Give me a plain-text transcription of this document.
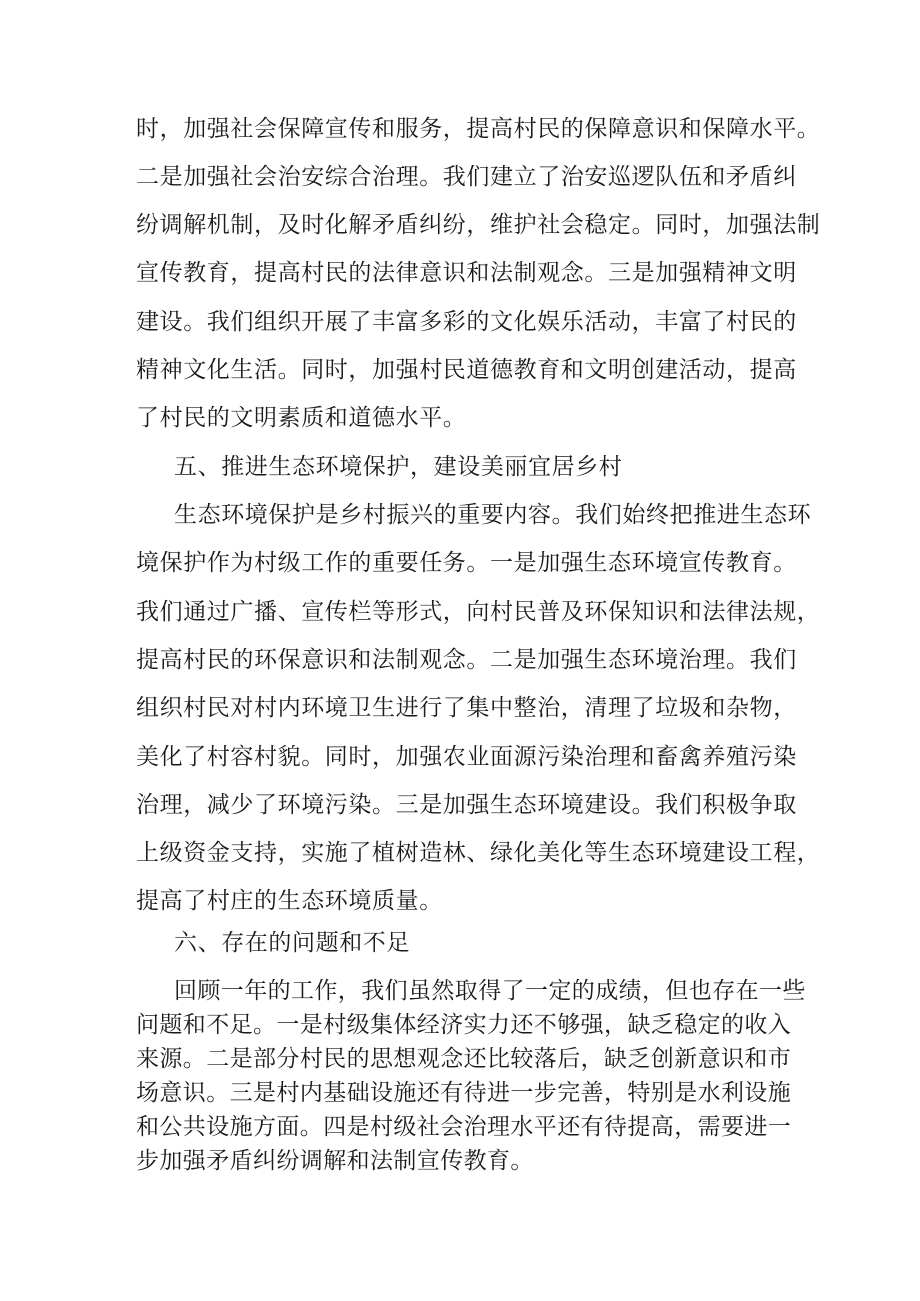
时，加强社会保障宣传和服务，提高村民的保障意识和保障水平。
二是加强社会治安综合治理。我们建立了治安巡逻队伍和矛盾纠
纷调解机制，及时化解矛盾纠纷，维护社会稳定。同时，加强法制
宣传教育，提高村民的法律意识和法制观念。三是加强精神文明
建设。我们组织开展了丰富多彩的文化娱乐活动，丰富了村民的
精神文化生活。同时，加强村民道德教育和文明创建活动，提高
了村民的文明素质和道德水平。
五、推进生态环境保护，建设美丽宜居乡村
生态环境保护是乡村振兴的重要内容。我们始终把推进生态环
境保护作为村级工作的重要任务。一是加强生态环境宣传教育。
我们通过广播、宣传栏等形式，向村民普及环保知识和法律法规，
提高村民的环保意识和法制观念。二是加强生态环境治理。我们
组织村民对村内环境卫生进行了集中整治，清理了垃圾和杂物，
美化了村容村貌。同时，加强农业面源污染治理和畜禽养殖污染
治理，减少了环境污染。三是加强生态环境建设。我们积极争取
上级资金支持，实施了植树造林、绿化美化等生态环境建设工程，
提高了村庄的生态环境质量。
六、存在的问题和不足
回顾一年的工作，我们虽然取得了一定的成绩，但也存在一些
问题和不足。一是村级集体经济实力还不够强，缺乏稳定的收入
来源。二是部分村民的思想观念还比较落后，缺乏创新意识和市
场意识。三是村内基础设施还有待进一步完善，特别是水利设施
和公共设施方面。四是村级社会治理水平还有待提高，需要进一
步加强矛盾纠纷调解和法制宣传教育。
